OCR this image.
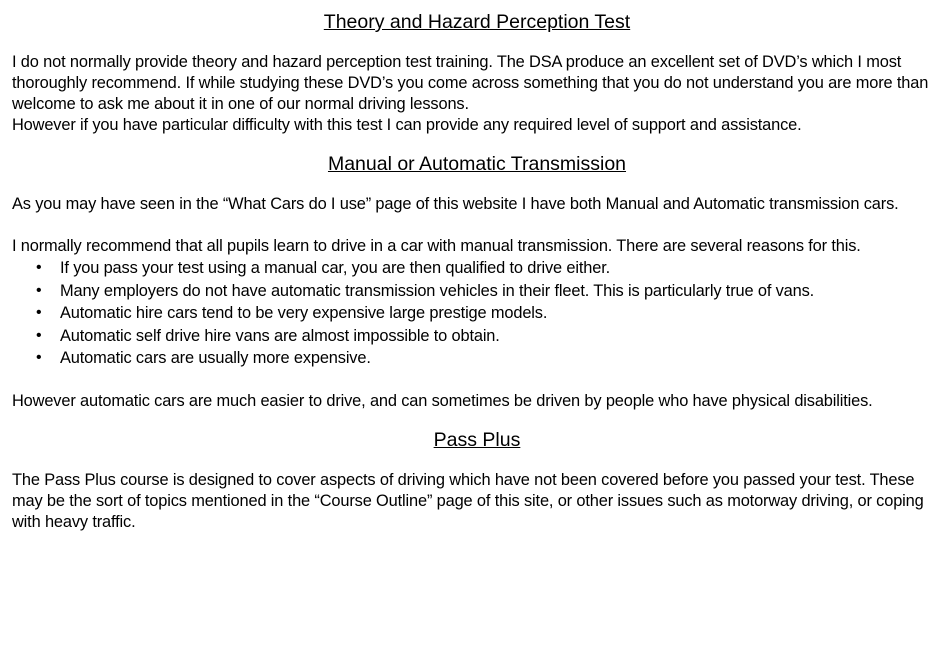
Theory and Hazard Perception Test

I do not normally provide theory and hazard perception test training. The DSA produce an excellent set of DVD’s which I most thoroughly recommend. If while studying these DVD’s you come across something that you do not understand you are more than welcome to ask me about it in one of our normal driving lessons.

However if you have particular difficulty with this test I can provide any required level of support and assistance.

Manual or Automatic Transmission

As you may have seen in the “What Cars do I use” page of this website I have both Manual and Automatic transmission cars.

I normally recommend that all pupils learn to drive in a car with manual transmission. There are several reasons for this.

• If you pass your test using a manual car, you are then qualified to drive either.
• Many employers do not have automatic transmission vehicles in their fleet. This is particularly true of vans.
• Automatic hire cars tend to be very expensive large prestige models.
• Automatic self drive hire vans are almost impossible to obtain.
• Automatic cars are usually more expensive.

However automatic cars are much easier to drive, and can sometimes be driven by people who have physical disabilities.

Pass Plus

The Pass Plus course is designed to cover aspects of driving which have not been covered before you passed your test. These may be the sort of topics mentioned in the “Course Outline” page of this site, or other issues such as motorway driving, or coping with heavy traffic.
